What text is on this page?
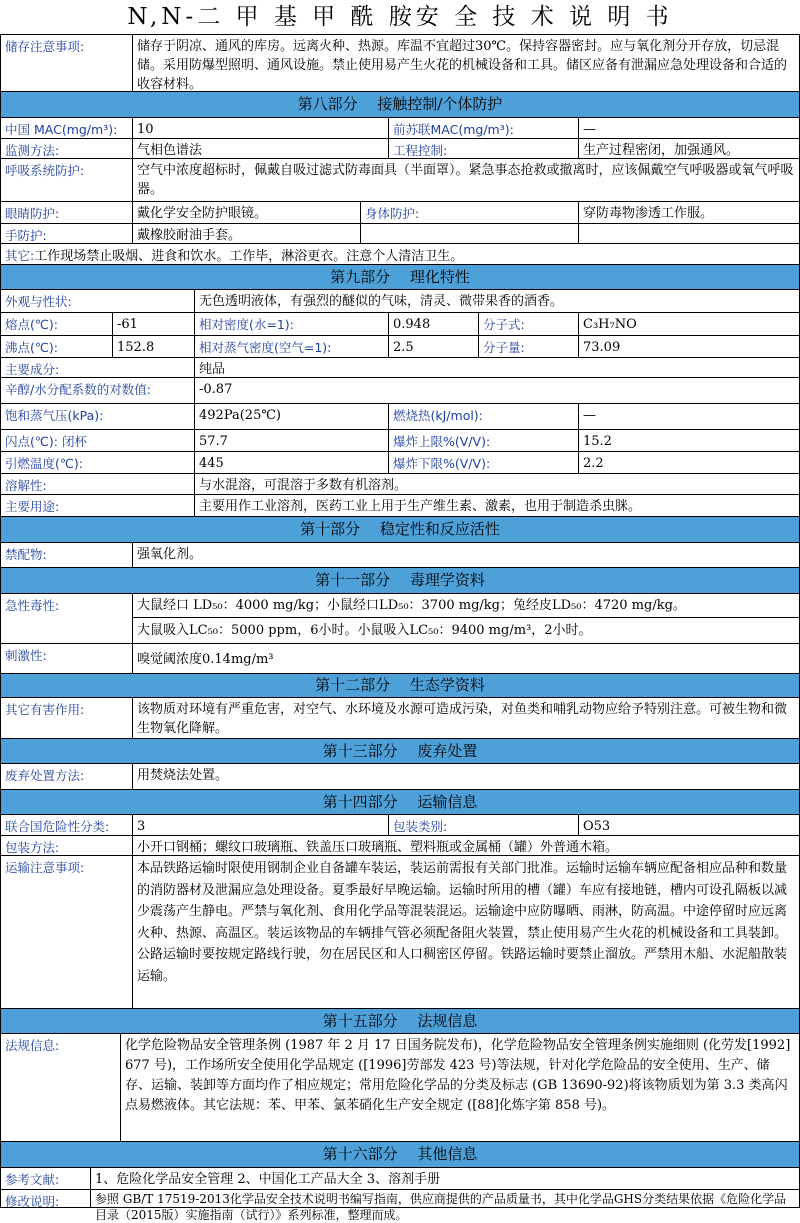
N,N-二 甲 基 甲 酰 胺安 全 技 术 说 明 书
储存注意事项:	储存于阴凉、通风的库房。远离火种、热源。库温不宜超过30℃。保持容器密封。应与氧化剂分开存放，切忌混储。采用防爆型照明、通风设施。禁止使用易产生火花的机械设备和工具。储区应备有泄漏应急处理设备和合适的收容材料。
第八部分　 接触控制/个体防护
中国 MAC(mg/m³):	10	前苏联MAC(mg/m³):	—
监测方法:	气相色谱法	工程控制:	生产过程密闭，加强通风。
呼吸系统防护:	空气中浓度超标时，佩戴自吸过滤式防毒面具（半面罩）。紧急事态抢救或撤离时，应该佩戴空气呼吸器或氧气呼吸器。
眼睛防护:	戴化学安全防护眼镜。	身体防护:	穿防毒物渗透工作服。
手防护:	戴橡胶耐油手套。
其它:工作现场禁止吸烟、进食和饮水。工作毕，淋浴更衣。注意个人清洁卫生。
第九部分　 理化特性
外观与性状:	无色透明液体，有强烈的醚似的气味，清灵、微带果香的酒香。
熔点(℃):	-61	相对密度(水=1):	0.948	分子式:	C₃H₇NO
沸点(℃):	152.8	相对蒸气密度(空气=1):	2.5	分子量:	73.09
主要成分:	纯品
辛醇/水分配系数的对数值:	-0.87
饱和蒸气压(kPa):	492Pa(25℃)	燃烧热(kJ/mol):	—
闪点(℃): 闭杯	57.7	爆炸上限%(V/V):	15.2
引燃温度(℃):	445	爆炸下限%(V/V):	2.2
溶解性:	与水混溶，可混溶于多数有机溶剂。
主要用途:	主要用作工业溶剂，医药工业上用于生产维生素、激素，也用于制造杀虫脒。
第十部分　 稳定性和反应活性
禁配物:	强氧化剂。
第十一部分　 毒理学资料
急性毒性:	大鼠经口 LD₅₀：4000 mg/kg；小鼠经口LD₅₀：3700 mg/kg；兔经皮LD₅₀：4720 mg/kg。
大鼠吸入LC₅₀：5000 ppm，6小时。小鼠吸入LC₅₀：9400 mg/m³，2小时。
刺激性:	嗅觉阈浓度0.14mg/m³
第十二部分　 生态学资料
其它有害作用:	该物质对环境有严重危害，对空气、水环境及水源可造成污染，对鱼类和哺乳动物应给予特别注意。可被生物和微生物氧化降解。
第十三部分　 废弃处置
废弃处置方法:	用焚烧法处置。
第十四部分　 运输信息
联合国危险性分类:	3	包装类别:	O53
包装方法:	小开口钢桶；螺纹口玻璃瓶、铁盖压口玻璃瓶、塑料瓶或金属桶（罐）外普通木箱。
运输注意事项:	本品铁路运输时限使用钢制企业自备罐车装运，装运前需报有关部门批准。运输时运输车辆应配备相应品种和数量的消防器材及泄漏应急处理设备。夏季最好早晚运输。运输时所用的槽（罐）车应有接地链，槽内可设孔隔板以减少震荡产生静电。严禁与氧化剂、食用化学品等混装混运。运输途中应防曝晒、雨淋，防高温。中途停留时应远离火种、热源、高温区。装运该物品的车辆排气管必须配备阻火装置，禁止使用易产生火花的机械设备和工具装卸。公路运输时要按规定路线行驶，勿在居民区和人口稠密区停留。铁路运输时要禁止溜放。严禁用木船、水泥船散装运输。
第十五部分　 法规信息
法规信息:	化学危险物品安全管理条例 (1987 年 2 月 17 日国务院发布)，化学危险物品安全管理条例实施细则 (化劳发[1992] 677 号)，工作场所安全使用化学品规定 ([1996]劳部发 423 号)等法规，针对化学危险品的安全使用、生产、储存、运输、装卸等方面均作了相应规定；常用危险化学品的分类及标志 (GB 13690-92)将该物质划为第 3.3 类高闪点易燃液体。其它法规：苯、甲苯、氯苯硝化生产安全规定 ([88]化炼字第 858 号)。
第十六部分　 其他信息
参考文献:	1、危险化学品安全管理 2、中国化工产品大全 3、溶剂手册
修改说明:	参照 GB/T 17519-2013化学品安全技术说明书编写指南，供应商提供的产品质量书，其中化学品GHS分类结果依据《危险化学品目录（2015版）实施指南（试行）》系列标准，整理而成。
